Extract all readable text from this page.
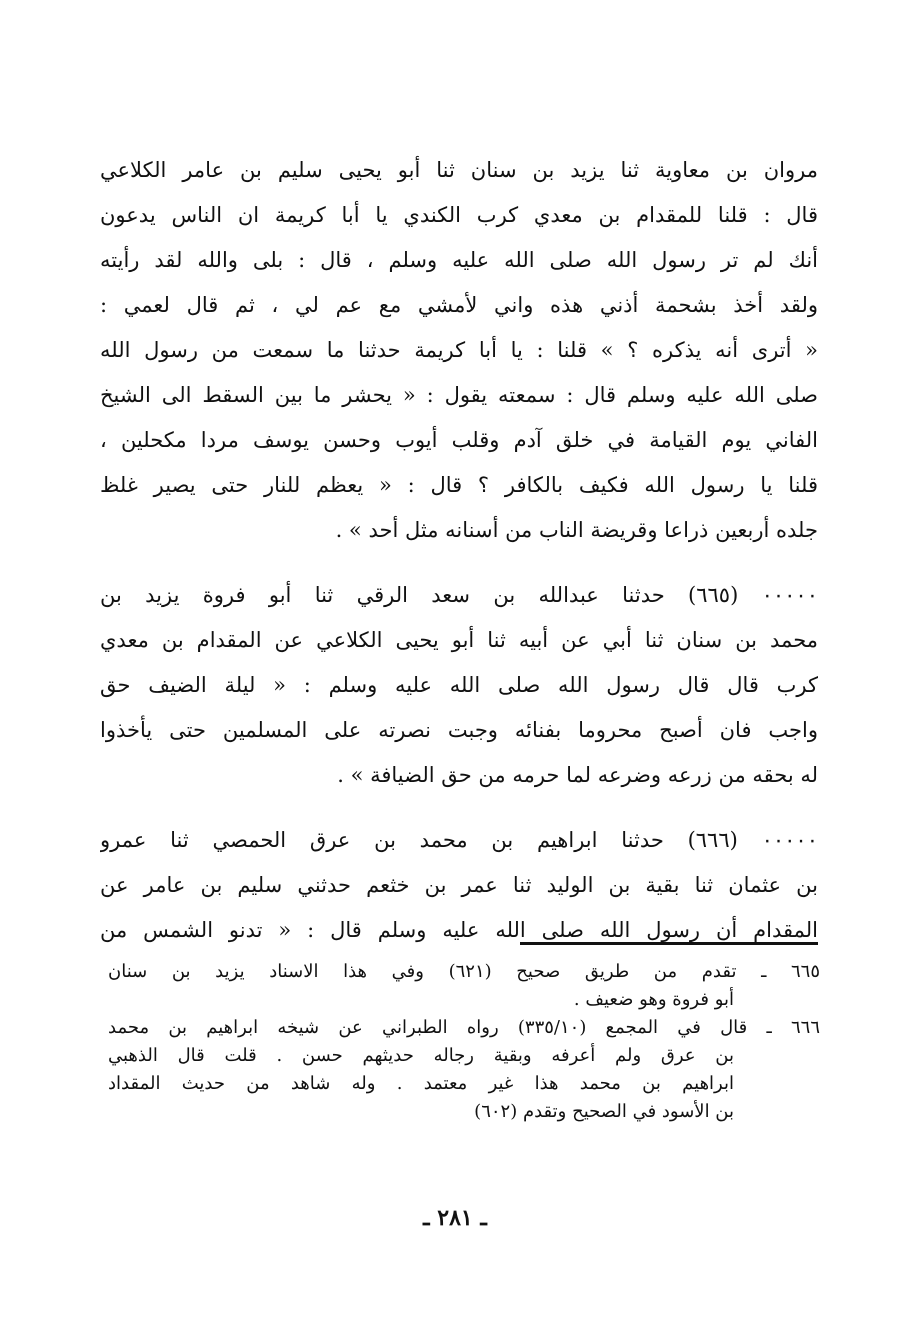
مروان بن معاوية ثنا يزيد بن سنان ثنا أبو يحيى سليم بن عامر الكلاعي
قال : قلنا للمقدام بن معدي كرب الكندي يا أبا كريمة ان الناس يدعون
أنك لم تر رسول الله صلى الله عليه وسلم ، قال : بلى والله لقد رأيته
ولقد أخذ بشحمة أذني هذه واني لأمشي مع عم لي ، ثم قال لعمي :
« أترى أنه يذكره ؟ » قلنا : يا أبا كريمة حدثنا ما سمعت من رسول الله
صلى الله عليه وسلم قال : سمعته يقول : « يحشر ما بين السقط الى الشيخ
الفاني يوم القيامة في خلق آدم وقلب أيوب وحسن يوسف مردا مكحلين ،
قلنا يا رسول الله فكيف بالكافر ؟ قال : « يعظم للنار حتى يصير غلظ
جلده أربعين ذراعا وقريضة الناب من أسنانه مثل أحد » .
٠٠٠٠٠ (٦٦٥) حدثنا عبدالله بن سعد الرقي ثنا أبو فروة يزيد بن
محمد بن سنان ثنا أبي عن أبيه ثنا أبو يحيى الكلاعي عن المقدام بن معدي
كرب قال قال رسول الله صلى الله عليه وسلم : « ليلة الضيف حق
واجب فان أصبح محروما بفنائه وجبت نصرته على المسلمين حتى يأخذوا
له بحقه من زرعه وضرعه لما حرمه من حق الضيافة » .
٠٠٠٠٠ (٦٦٦) حدثنا ابراهيم بن محمد بن عرق الحمصي ثنا عمرو
بن عثمان ثنا بقية بن الوليد ثنا عمر بن خثعم حدثني سليم بن عامر عن
المقدام أن رسول الله صلى الله عليه وسلم قال : « تدنو الشمس من
٦٦٥ ـ تقدم من طريق صحيح (٦٢١) وفي هذا الاسناد يزيد بن سنان
أبو فروة وهو ضعيف .
٦٦٦ ـ قال في المجمع (٣٣٥/١٠) رواه الطبراني عن شيخه ابراهيم بن محمد
بن عرق ولم أعرفه وبقية رجاله حديثهم حسن . قلت قال الذهبي
ابراهيم بن محمد هذا غير معتمد . وله شاهد من حديث المقداد
بن الأسود في الصحيح وتقدم (٦٠٢)
ـ ٢٨١ ـ
